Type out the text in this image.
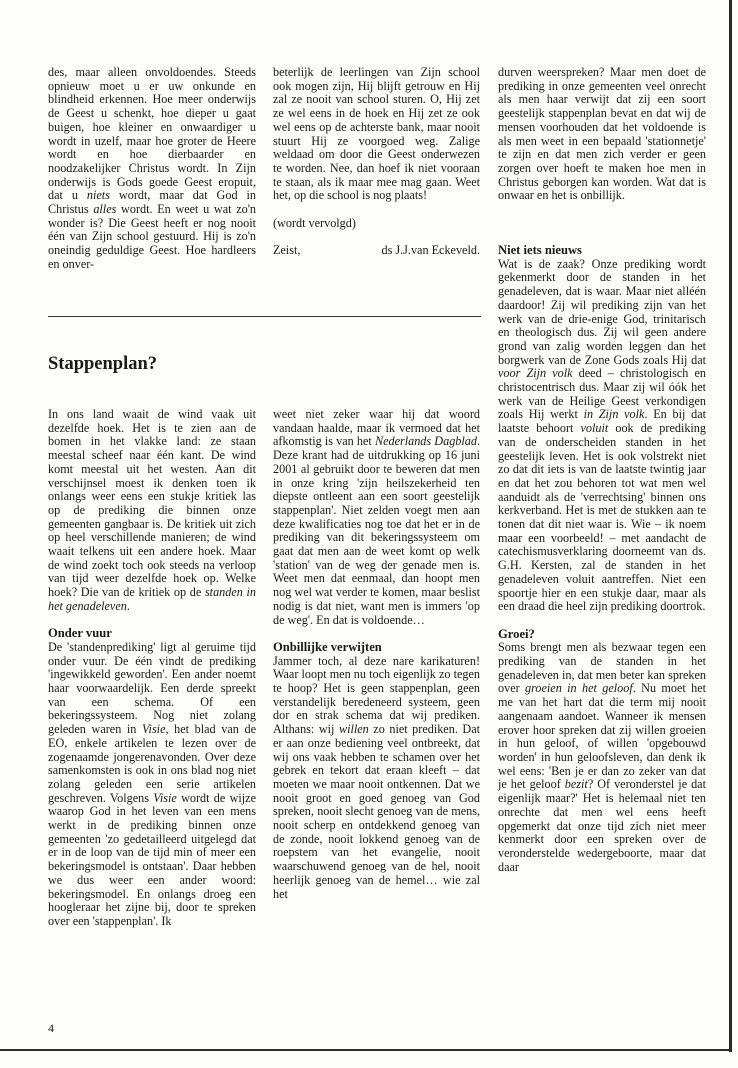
des, maar alleen onvoldoendes. Steeds opnieuw moet u er uw onkunde en blindheid erkennen. Hoe meer onderwijs de Geest u schenkt, hoe dieper u gaat buigen, hoe kleiner en onwaardiger u wordt in uzelf, maar hoe groter de Heere wordt en hoe dierbaarder en noodzakelijker Christus wordt. In Zijn onderwijs is Gods goede Geest eropuit, dat u niets wordt, maar dat God in Christus alles wordt. En weet u wat zo'n wonder is? Die Geest heeft er nog nooit één van Zijn school gestuurd. Hij is zo'n oneindig geduldige Geest. Hoe hardleers en onver-

beterlijk de leerlingen van Zijn school ook mogen zijn, Hij blijft getrouw en Hij zal ze nooit van school sturen. O, Hij zet ze wel eens in de hoek en Hij zet ze ook wel eens op de achterste bank, maar nooit stuurt Hij ze voorgoed weg. Zalige weldaad om door die Geest onderwezen te worden. Nee, dan hoef ik niet vooraan te staan, als ik maar mee mag gaan. Weet het, op die school is nog plaats!

(wordt vervolgd)

Zeist,	ds J.J.van Eckeveld.

durven weerspreken? Maar men doet de prediking in onze gemeenten veel onrecht als men haar verwijt dat zij een soort geestelijk stappenplan bevat en dat wij de mensen voorhouden dat het voldoende is als men weet in een bepaald 'stationnetje' te zijn en dat men zich verder er geen zorgen over hoeft te maken hoe men in Christus geborgen kan worden. Wat dat is onwaar en het is onbillijk.

Stappenplan?

In ons land waait de wind vaak uit dezelfde hoek. Het is te zien aan de bomen in het vlakke land: ze staan meestal scheef naar één kant. De wind komt meestal uit het westen. Aan dit verschijnsel moest ik denken toen ik onlangs weer eens een stukje kritiek las op de prediking die binnen onze gemeenten gangbaar is. De kritiek uit zich op heel verschillende manieren; de wind waait telkens uit een andere hoek. Maar de wind zoekt toch ook steeds na verloop van tijd weer dezelfde hoek op. Welke hoek? Die van de kritiek op de standen in het genadeleven.

Onder vuur

De 'standenprediking' ligt al geruime tijd onder vuur. De één vindt de prediking 'ingewikkeld geworden'. Een ander noemt haar voorwaardelijk. Een derde spreekt van een schema. Of een bekeringssysteem. Nog niet zolang geleden waren in Visie, het blad van de EO, enkele artikelen te lezen over de zogenaamde jongerenavonden. Over deze samenkomsten is ook in ons blad nog niet zolang geleden een serie artikelen geschreven. Volgens Visie wordt de wijze waarop God in het leven van een mens werkt in de prediking binnen onze gemeenten 'zo gedetailleerd uitgelegd dat er in de loop van de tijd min of meer een bekeringsmodel is ontstaan'. Daar hebben we dus weer een ander woord: bekeringsmodel. En onlangs droeg een hoogleraar het zijne bij, door te spreken over een 'stappenplan'. Ik

weet niet zeker waar hij dat woord vandaan haalde, maar ik vermoed dat het afkomstig is van het Nederlands Dagblad. Deze krant had de uitdrukking op 16 juni 2001 al gebruikt door te beweren dat men in onze kring 'zijn heilszekerheid ten diepste ontleent aan een soort geestelijk stappenplan'. Niet zelden voegt men aan deze kwalificaties nog toe dat het er in de prediking van dit bekeringssysteem om gaat dat men aan de weet komt op welk 'station' van de weg der genade men is. Weet men dat eenmaal, dan hoopt men nog wel wat verder te komen, maar beslist nodig is dat niet, want men is immers 'op de weg'. En dat is voldoende…

Onbillijke verwijten

Jammer toch, al deze nare karikaturen! Waar loopt men nu toch eigenlijk zo tegen te hoop? Het is geen stappenplan, geen verstandelijk beredeneerd systeem, geen dor en strak schema dat wij prediken. Althans: wij willen zo niet prediken. Dat er aan onze bediening veel ontbreekt, dat wij ons vaak hebben te schamen over het gebrek en tekort dat eraan kleeft – dat moeten we maar nooit ontkennen. Dat we nooit groot en goed genoeg van God spreken, nooit slecht genoeg van de mens, nooit scherp en ontdekkend genoeg van de zonde, nooit lokkend genoeg van de roepstem van het evangelie, nooit waarschuwend genoeg van de hel, nooit heerlijk genoeg van de hemel… wie zal het

Niet iets nieuws

Wat is de zaak? Onze prediking wordt gekenmerkt door de standen in het genadeleven, dat is waar. Maar niet alléén daardoor! Zij wil prediking zijn van het werk van de drie-enige God, trinitarisch en theologisch dus. Zij wil geen andere grond van zalig worden leggen dan het borgwerk van de Zone Gods zoals Hij dat voor Zijn volk deed – christologisch en christocentrisch dus. Maar zij wil óók het werk van de Heilige Geest verkondigen zoals Hij werkt in Zijn volk. En bij dat laatste behoort voluit ook de prediking van de onderscheiden standen in het geestelijk leven. Het is ook volstrekt niet zo dat dit iets is van de laatste twintig jaar en dat het zou behoren tot wat men wel aanduidt als de 'verrechtsing' binnen ons kerkverband. Het is met de stukken aan te tonen dat dit niet waar is. Wie – ik noem maar een voorbeeld! – met aandacht de catechismusverklaring doorneemt van ds. G.H. Kersten, zal de standen in het genadeleven voluit aantreffen. Niet een spoortje hier en een stukje daar, maar als een draad die heel zijn prediking doortrok.

Groei?

Soms brengt men als bezwaar tegen een prediking van de standen in het genadeleven in, dat men beter kan spreken over groeien in het geloof. Nu moet het me van het hart dat die term mij nooit aangenaam aandoet. Wanneer ik mensen erover hoor spreken dat zij willen groeien in hun geloof, of willen 'opgebouwd worden' in hun geloofsleven, dan denk ik wel eens: 'Ben je er dan zo zeker van dat je het geloof bezit? Of veronderstel je dat eigenlijk maar?' Het is helemaal niet ten onrechte dat men wel eens heeft opgemerkt dat onze tijd zich niet meer kenmerkt door een spreken over de veronderstelde wedergeboorte, maar dat daar

4
